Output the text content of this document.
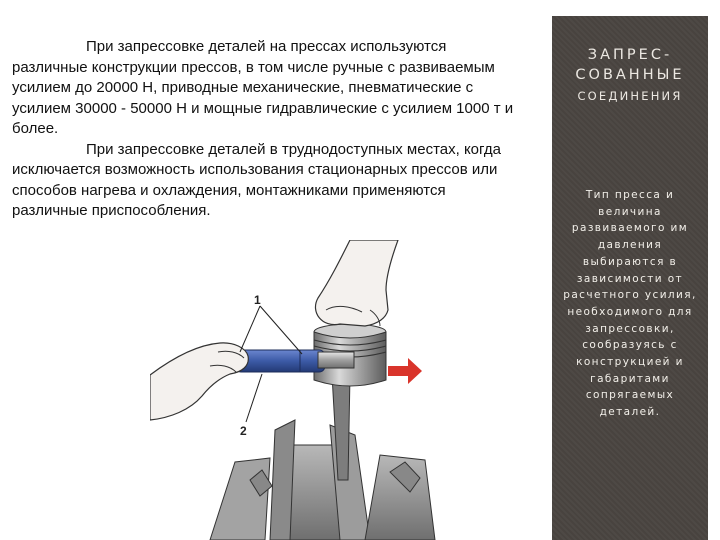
При запрессовке деталей на прессах используются различные конструкции прессов, в том числе ручные с развиваемым усилием до 20000 Н, приводные механические, пневматические с усилием 30000 - 50000 Н и мощные гидравлические с усилием 1000 т и более.

При запрессовке деталей в труднодоступных местах, когда исключается возможность использования стационарных прессов или способов нагрева и охлаждения, монтажниками применяются различные приспособления.

1
2
ЗАПРЕС-
СОВАННЫЕ
СОЕДИНЕНИЯ
Тип пресса и величина развиваемого им давления выбираются в зависимости от расчетного усилия, необходимого для запрессовки, сообразуясь с конструкцией и габаритами сопрягаемых деталей.
